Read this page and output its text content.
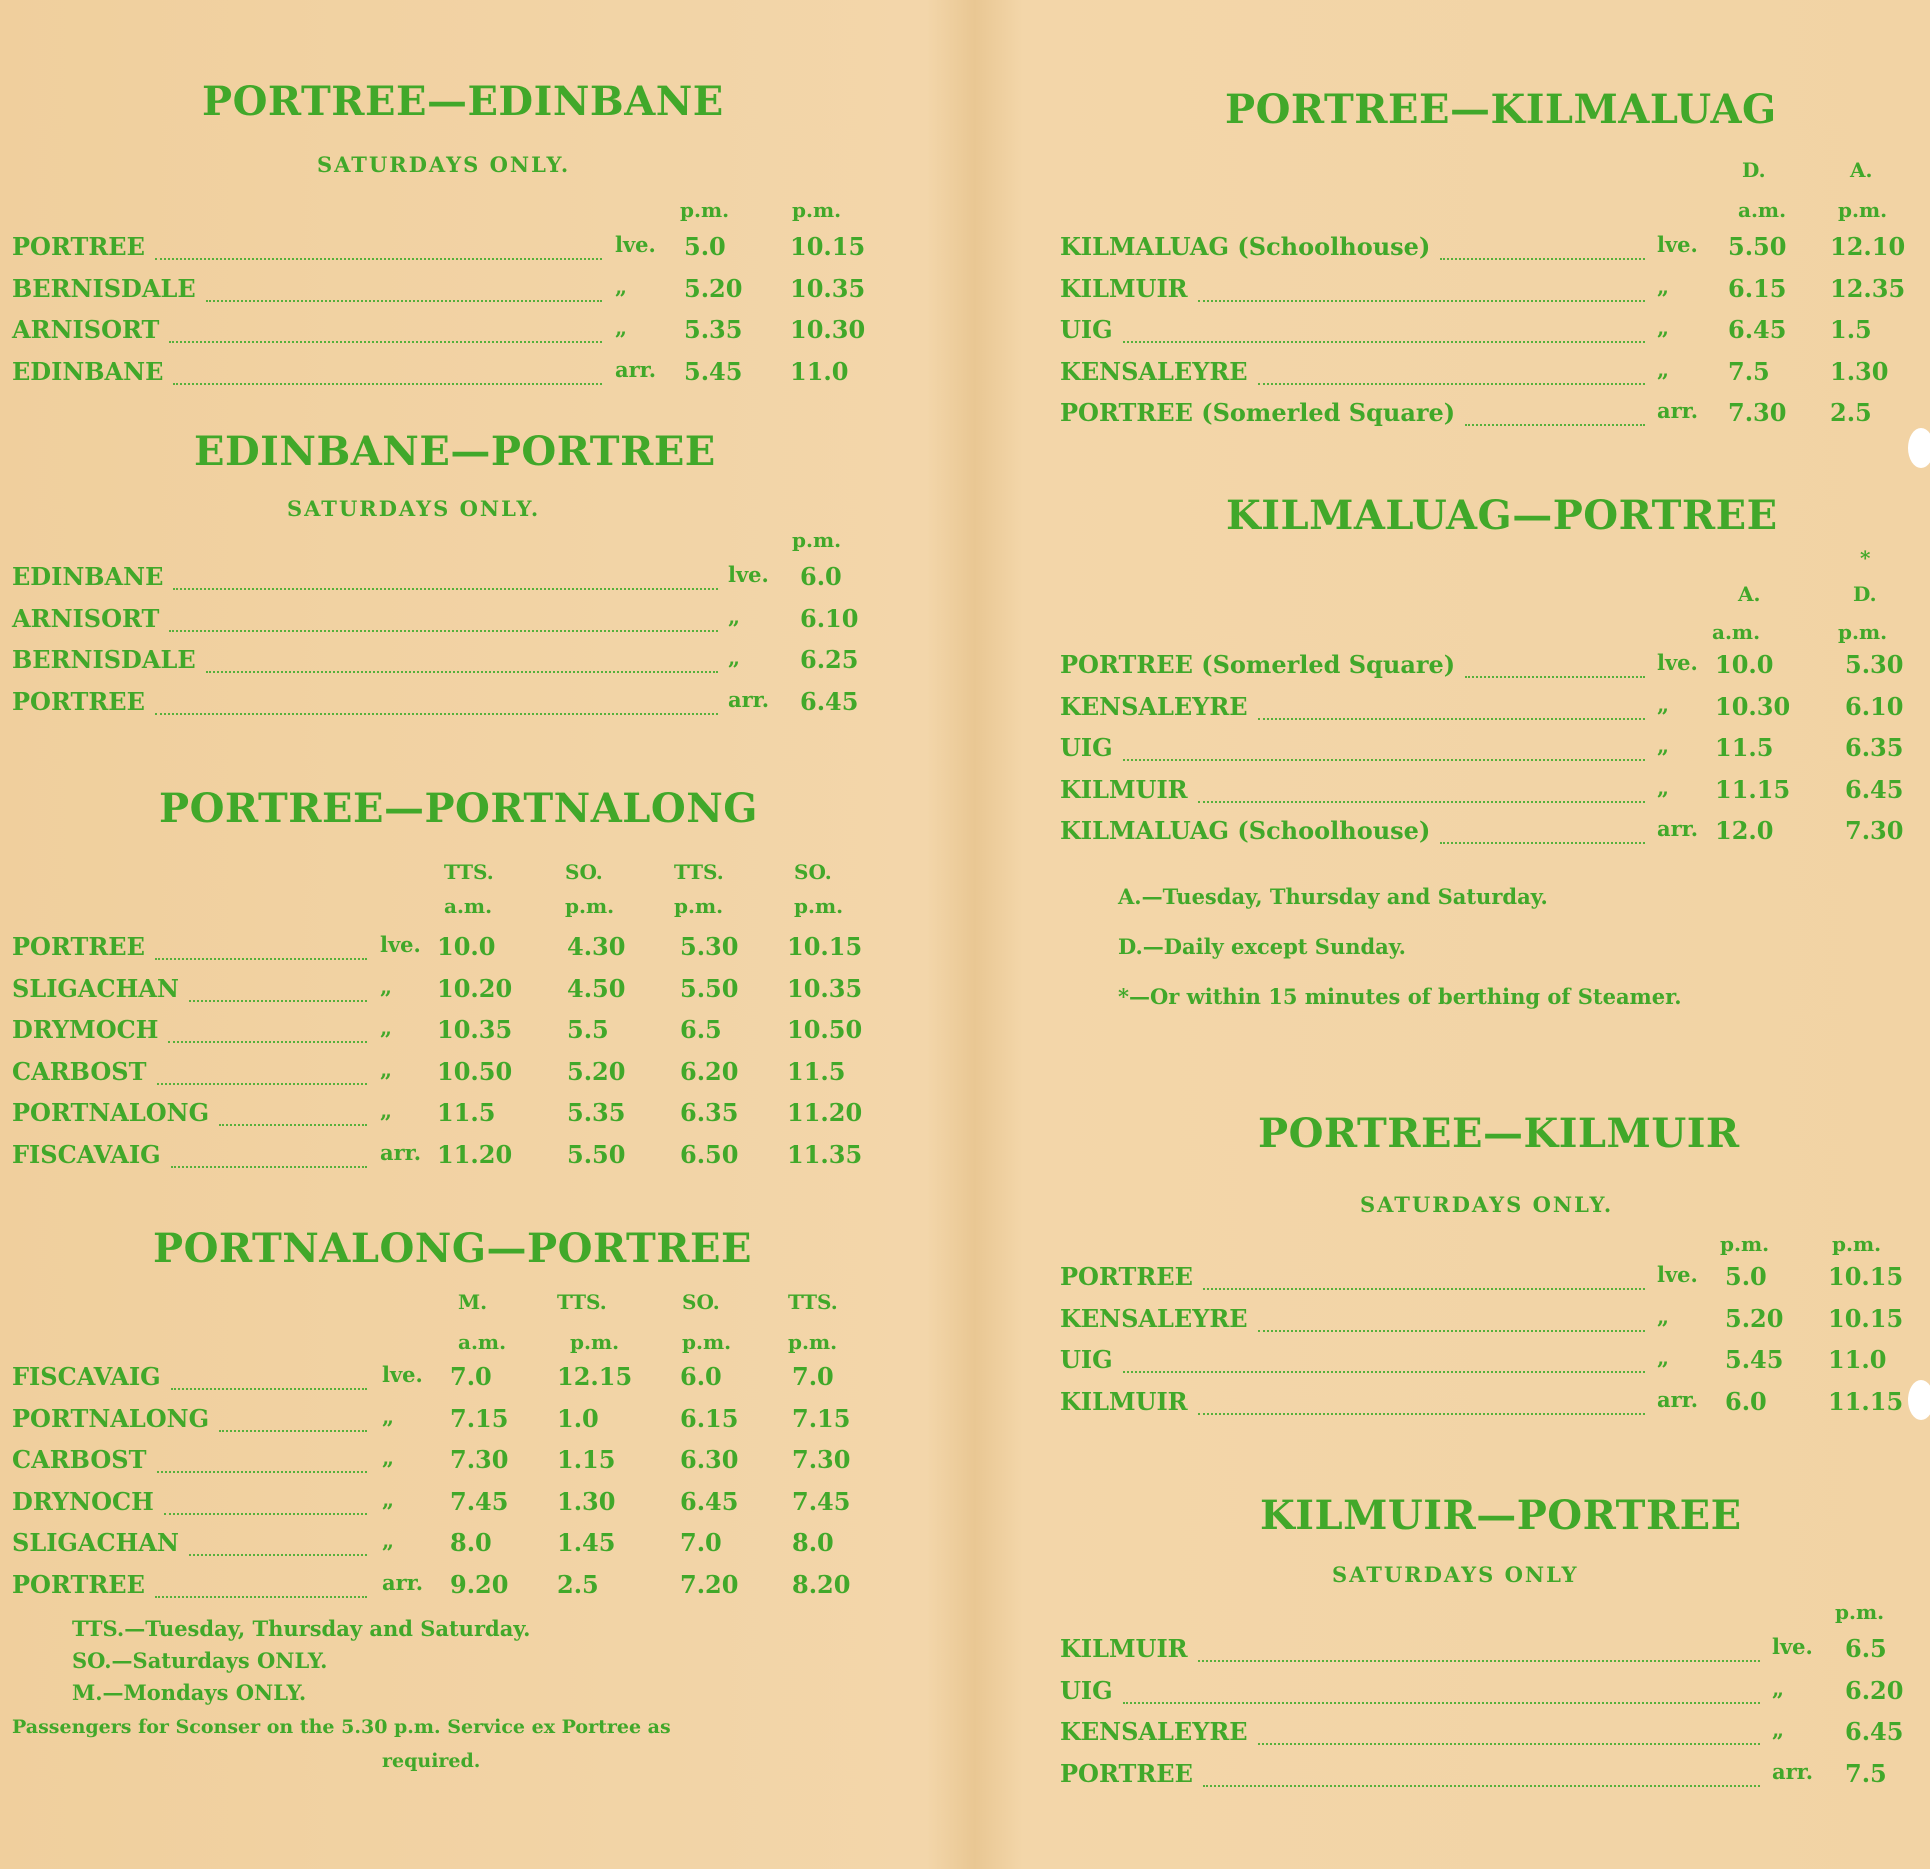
PORTREE—EDINBANE
SATURDAYS ONLY.
p.m.	p.m.
EDINBANE—PORTREE
SATURDAYS ONLY.
p.m.
PORTREE—PORTNALONG
TTS.	SO.	TTS.	SO.
a.m.	p.m.	p.m.	p.m.
PORTNALONG—PORTREE
M.	TTS.	SO.	TTS.
a.m.	p.m.	p.m.	p.m.
TTS.—Tuesday, Thursday and Saturday.
SO.—Saturdays ONLY.
M.—Mondays ONLY.
Passengers for Sconser on the 5.30 p.m. Service ex Portree as
required.
PORTREE	lve. 5.0	10.15
BERNISDALE	„ 5.20 10.35
ARNISORT	„ 5.35 10.30
EDINBANE	arr. 5.45 11.0
EDINBANE	lve. 6.0
ARNISORT	„ 6.10
BERNISDALE	„ 6.25
PORTREE	arr. 6.45
PORTREE	lve. 10.0	4.30 5.30 10.15
SLIGACHAN	„ 10.20 4.50 5.50 10.35
DRYMOCH	„ 10.35 5.5	6.5	10.50
CARBOST	„ 10.50 5.20 6.20 11.5
PORTNALONG	„ 11.5	5.35 6.35 11.20
FISCAVAIG	arr. 11.20 5.50 6.50 11.35
FISCAVAIG	lve. 7.0	12.15 6.0	7.0
PORTNALONG	„ 7.15 1.0	6.15 7.15
CARBOST	„ 7.30 1.15	6.30 7.30
DRYNOCH	„ 7.45 1.30	6.45 7.45
SLIGACHAN	„ 8.0	1.45	7.0	8.0
PORTREE	arr. 9.20 2.5	7.20 8.20
PORTREE—KILMALUAG
D.	A.
a.m.	p.m.
KILMALUAG—PORTREE
*
A.	D.
a.m.	p.m.
A.—Tuesday, Thursday and Saturday.
D.—Daily except Sunday.
*—Or within 15 minutes of berthing of Steamer.
PORTREE—KILMUIR
SATURDAYS ONLY.
p.m.	p.m.
KILMUIR—PORTREE
SATURDAYS ONLY
p.m.
KILMALUAG (Schoolhouse)	lve. 5.50 12.10
KILMUIR	„ 6.15 12.35
UIG	„ 6.45 1.5
KENSALEYRE	„ 7.5	1.30
PORTREE (Somerled Square)	arr. 7.30 2.5
PORTREE (Somerled Square)	lve. 10.0	5.30
KENSALEYRE	„ 10.30 6.10
UIG	„ 11.5	6.35
KILMUIR	„ 11.15 6.45
KILMALUAG (Schoolhouse)	arr. 12.0	7.30
PORTREE	lve. 5.0	10.15
KENSALEYRE	„ 5.20 10.15
UIG	„ 5.45 11.0
KILMUIR	arr. 6.0	11.15
KILMUIR	lve. 6.5
UIG	„	6.20
KENSALEYRE	„	6.45
PORTREE	arr. 7.5
